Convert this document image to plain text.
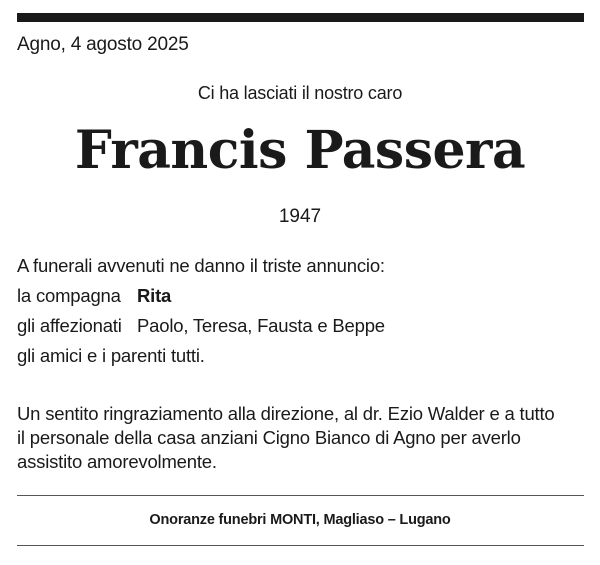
Agno, 4 agosto 2025
Ci ha lasciati il nostro caro
Francis Passera
1947
A funerali avvenuti ne danno il triste annuncio:
la compagna Rita
gli affezionati Paolo, Teresa, Fausta e Beppe
gli amici e i parenti tutti.
Un sentito ringraziamento alla direzione, al dr. Ezio Walder e a tutto
il personale della casa anziani Cigno Bianco di Agno per averlo
assistito amorevolmente.
Onoranze funebri MONTI, Magliaso – Lugano
